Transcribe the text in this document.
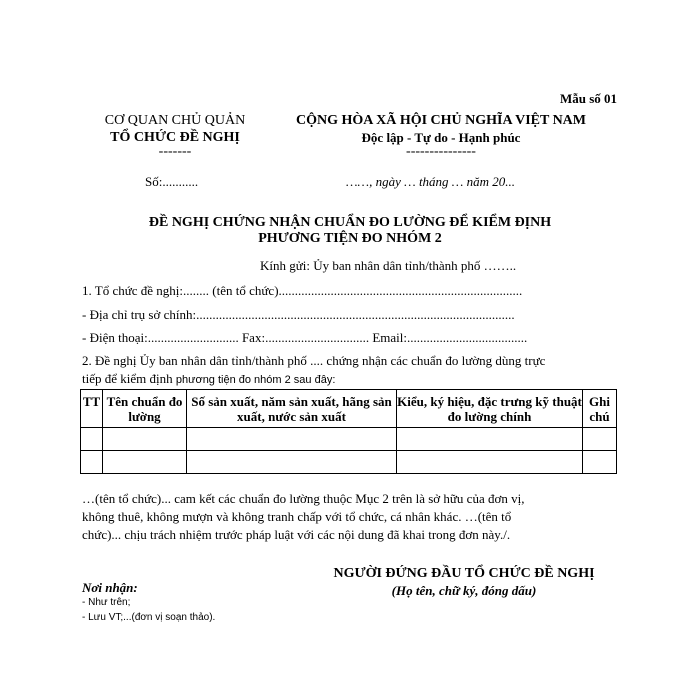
Mẫu số 01
CƠ QUAN CHỦ QUẢN
TỔ CHỨC ĐỀ NGHỊ
-------
Số:...........
CỘNG HÒA XÃ HỘI CHỦ NGHĨA VIỆT NAM
Độc lập - Tự do - Hạnh phúc
---------------
……, ngày … tháng … năm 20...
ĐỀ NGHỊ CHỨNG NHẬN CHUẨN ĐO LƯỜNG ĐỂ KIỂM ĐỊNH
PHƯƠNG TIỆN ĐO NHÓM 2
Kính gửi: Ủy ban nhân dân tỉnh/thành phố ……..
1. Tổ chức đề nghị:........ (tên tổ chức)...........................................................................
- Địa chỉ trụ sở chính:..................................................................................................
- Điện thoại:............................ Fax:................................ Email:.....................................
2. Đề nghị Ủy ban nhân dân tỉnh/thành phố .... chứng nhận các chuẩn đo lường dùng trực
tiếp để kiểm định phương tiện đo nhóm 2 sau đây:
TT	Tên chuẩn đo lường	Số sản xuất, năm sản xuất, hãng sản xuất, nước sản xuất	Kiểu, ký hiệu, đặc trưng kỹ thuật đo lường chính	Ghi chú

…(tên tổ chức)... cam kết các chuẩn đo lường thuộc Mục 2 trên là sở hữu của đơn vị,
không thuê, không mượn và không tranh chấp với tổ chức, cá nhân khác. …(tên tổ
chức)... chịu trách nhiệm trước pháp luật với các nội dung đã khai trong đơn này./.
NGƯỜI ĐỨNG ĐẦU TỔ CHỨC ĐỀ NGHỊ
(Họ tên, chữ ký, đóng dấu)
Nơi nhận:
- Như trên;
- Lưu VT;...(đơn vị soạn thảo).
